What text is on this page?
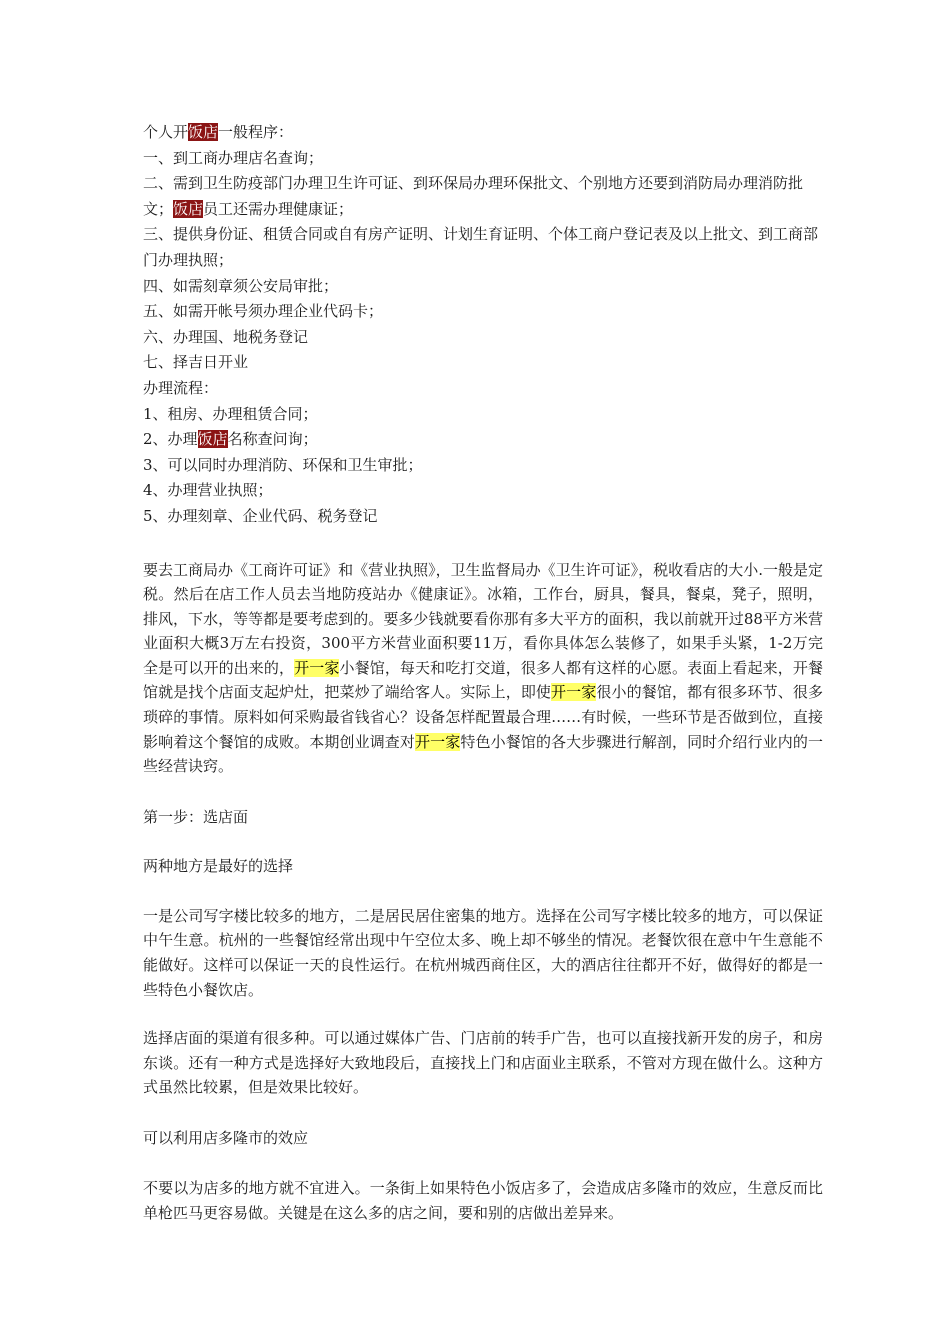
个人开饭店一般程序：
一、到工商办理店名查询；
二、需到卫生防疫部门办理卫生许可证、到环保局办理环保批文、个别地方还要到消防局办理消防批文；饭店员工还需办理健康证；
三、提供身份证、租赁合同或自有房产证明、计划生育证明、个体工商户登记表及以上批文、到工商部门办理执照；
四、如需刻章须公安局审批；
五、如需开帐号须办理企业代码卡；
六、办理国、地税务登记
七、择吉日开业
办理流程：
1、租房、办理租赁合同；
2、办理饭店名称查问询；
3、可以同时办理消防、环保和卫生审批；
4、办理营业执照；
5、办理刻章、企业代码、税务登记

要去工商局办《工商许可证》和《营业执照》，卫生监督局办《卫生许可证》，税收看店的大小.一般是定税。然后在店工作人员去当地防疫站办《健康证》。冰箱，工作台，厨具，餐具，餐桌，凳子，照明，排风，下水，等等都是要考虑到的。要多少钱就要看你那有多大平方的面积，我以前就开过88平方米营业面积大概3万左右投资，300平方米营业面积要11万，看你具体怎么装修了，如果手头紧，1-2万完全是可以开的出来的，开一家小餐馆，每天和吃打交道，很多人都有这样的心愿。表面上看起来，开餐馆就是找个店面支起炉灶，把菜炒了端给客人。实际上，即使开一家很小的餐馆，都有很多环节、很多琐碎的事情。原料如何采购最省钱省心？设备怎样配置最合理……有时候，一些环节是否做到位，直接影响着这个餐馆的成败。本期创业调查对开一家特色小餐馆的各大步骤进行解剖，同时介绍行业内的一些经营诀窍。

第一步：选店面

两种地方是最好的选择

一是公司写字楼比较多的地方，二是居民居住密集的地方。选择在公司写字楼比较多的地方，可以保证中午生意。杭州的一些餐馆经常出现中午空位太多、晚上却不够坐的情况。老餐饮很在意中午生意能不能做好。这样可以保证一天的良性运行。在杭州城西商住区，大的酒店往往都开不好，做得好的都是一些特色小餐饮店。

选择店面的渠道有很多种。可以通过媒体广告、门店前的转手广告，也可以直接找新开发的房子，和房东谈。还有一种方式是选择好大致地段后，直接找上门和店面业主联系，不管对方现在做什么。这种方式虽然比较累，但是效果比较好。

可以利用店多隆市的效应

不要以为店多的地方就不宜进入。一条街上如果特色小饭店多了，会造成店多隆市的效应，生意反而比单枪匹马更容易做。关键是在这么多的店之间，要和别的店做出差异来。
